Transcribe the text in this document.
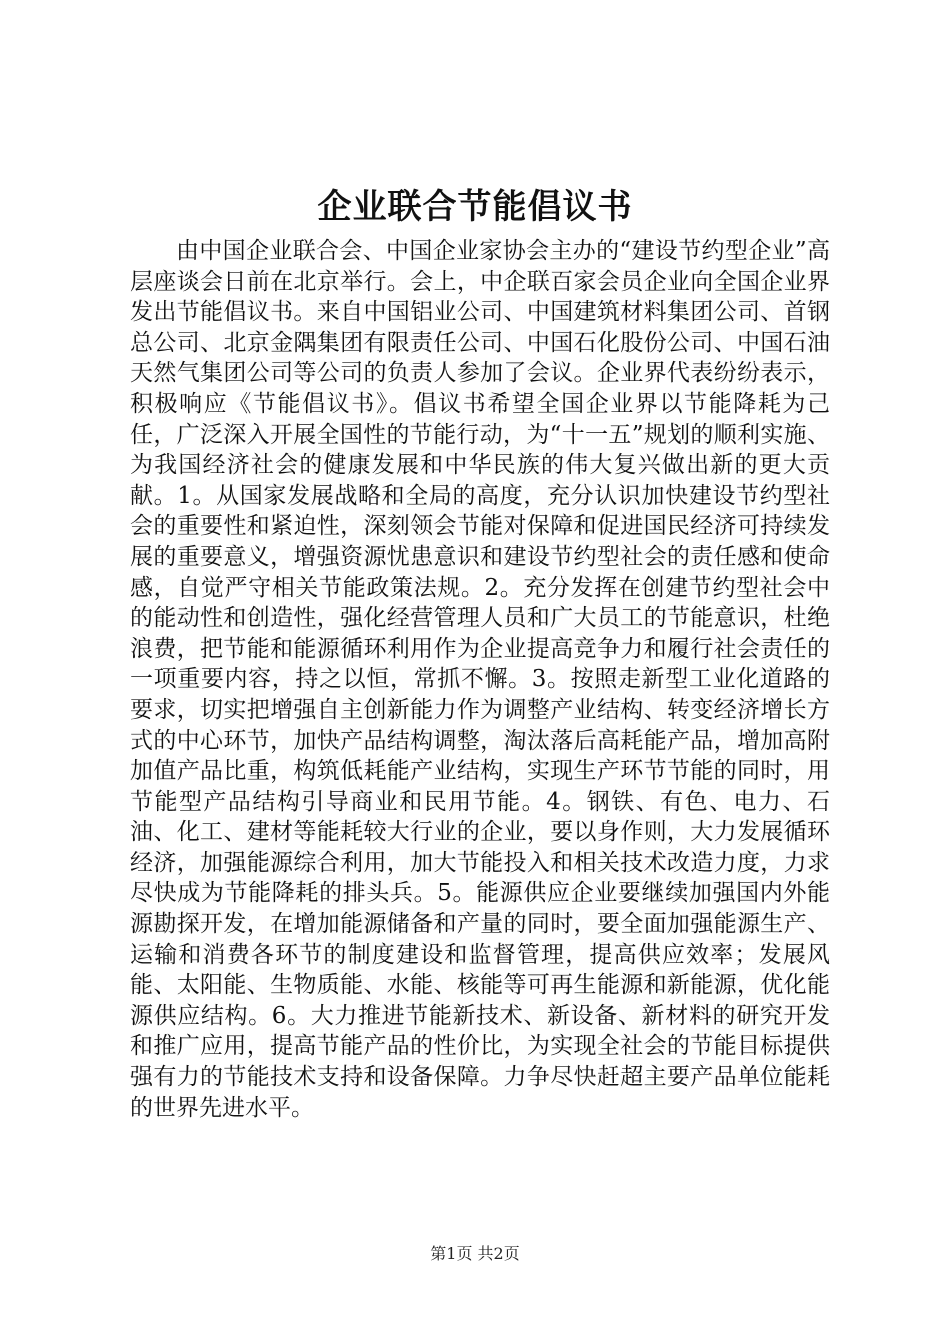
企业联合节能倡议书

由中国企业联合会、中国企业家协会主办的“建设节约型企业”高层座谈会日前在北京举行。会上，中企联百家会员企业向全国企业界发出节能倡议书。来自中国铝业公司、中国建筑材料集团公司、首钢总公司、北京金隅集团有限责任公司、中国石化股份公司、中国石油天然气集团公司等公司的负责人参加了会议。企业界代表纷纷表示，积极响应《节能倡议书》。倡议书希望全国企业界以节能降耗为己任，广泛深入开展全国性的节能行动，为“十一五”规划的顺利实施、为我国经济社会的健康发展和中华民族的伟大复兴做出新的更大贡献。1。从国家发展战略和全局的高度，充分认识加快建设节约型社会的重要性和紧迫性，深刻领会节能对保障和促进国民经济可持续发展的重要意义，增强资源忧患意识和建设节约型社会的责任感和使命感，自觉严守相关节能政策法规。2。充分发挥在创建节约型社会中的能动性和创造性，强化经营管理人员和广大员工的节能意识，杜绝浪费，把节能和能源循环利用作为企业提高竞争力和履行社会责任的一项重要内容，持之以恒，常抓不懈。3。按照走新型工业化道路的要求，切实把增强自主创新能力作为调整产业结构、转变经济增长方式的中心环节，加快产品结构调整，淘汰落后高耗能产品，增加高附加值产品比重，构筑低耗能产业结构，实现生产环节节能的同时，用节能型产品结构引导商业和民用节能。4。钢铁、有色、电力、石油、化工、建材等能耗较大行业的企业，要以身作则，大力发展循环经济，加强能源综合利用，加大节能投入和相关技术改造力度，力求尽快成为节能降耗的排头兵。5。能源供应企业要继续加强国内外能源勘探开发，在增加能源储备和产量的同时，要全面加强能源生产、运输和消费各环节的制度建设和监督管理，提高供应效率；发展风能、太阳能、生物质能、水能、核能等可再生能源和新能源，优化能源供应结构。6。大力推进节能新技术、新设备、新材料的研究开发和推广应用，提高节能产品的性价比，为实现全社会的节能目标提供强有力的节能技术支持和设备保障。力争尽快赶超主要产品单位能耗的世界先进水平。

第1页 共2页
